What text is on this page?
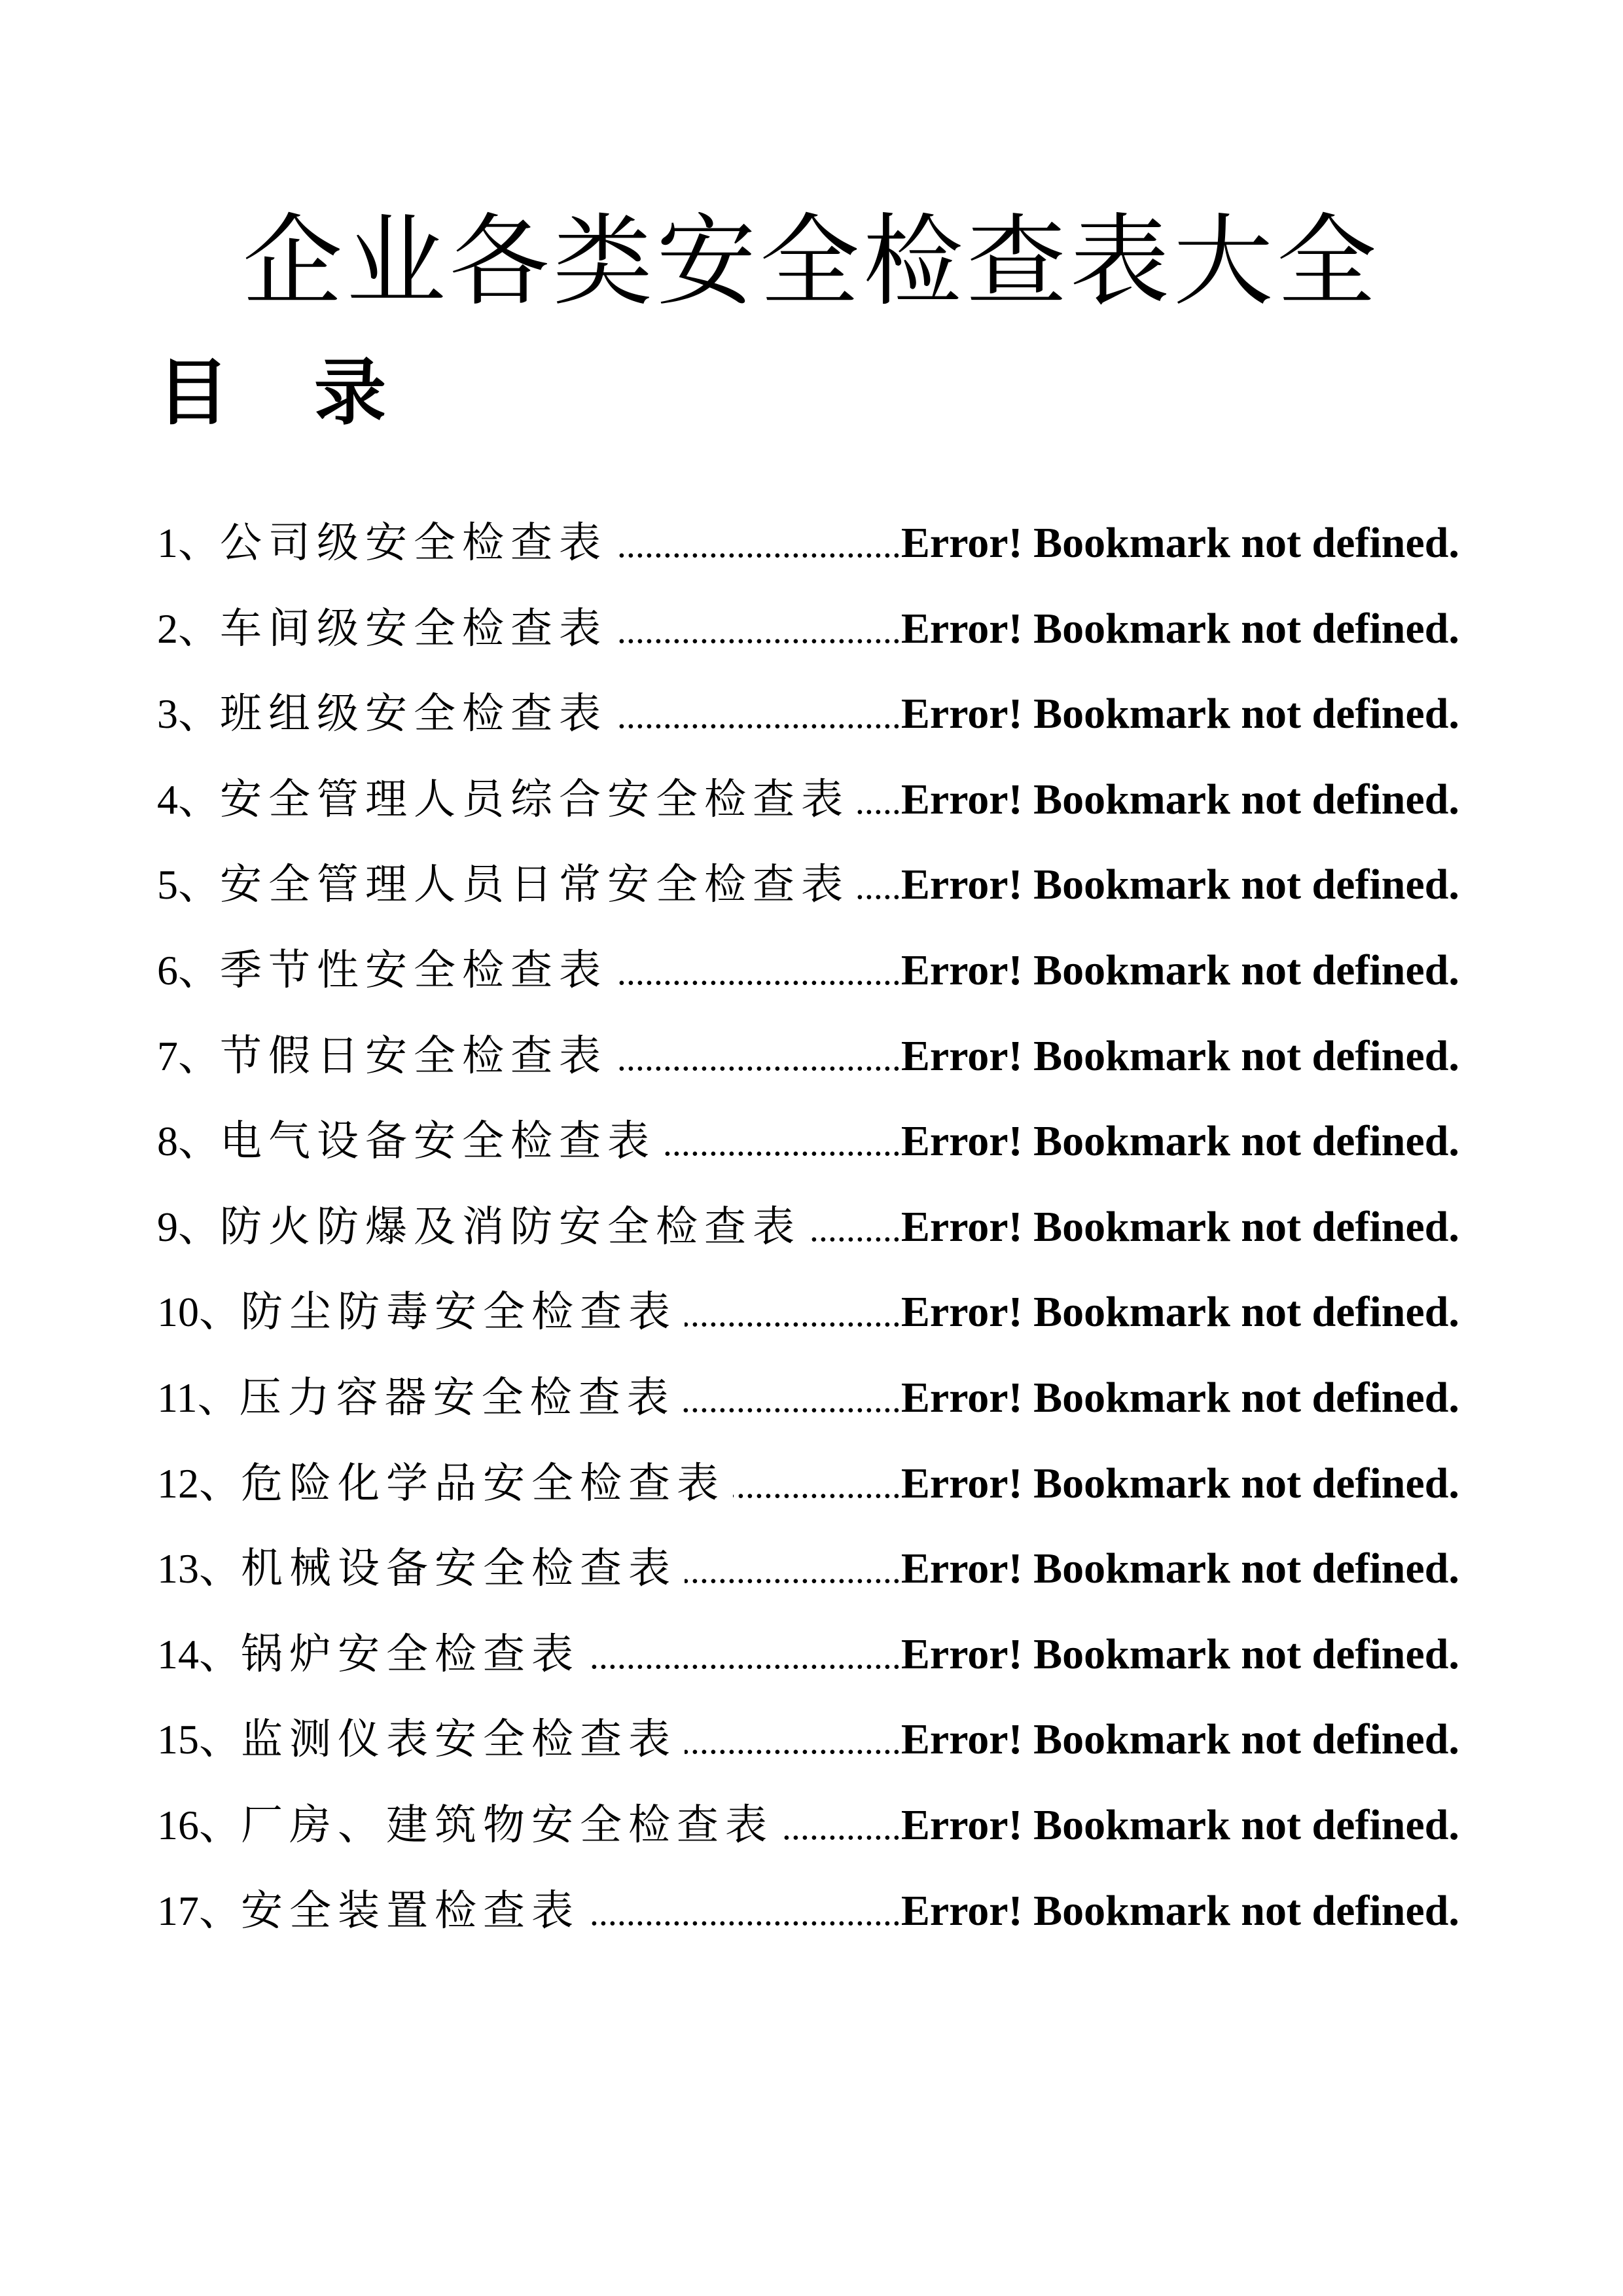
企业各类安全检查表大全
目录
1 、 公司级安全检查表 .....	Error! Bookmark not defined.
2 、 车间级安全检查表 .....	Error! Bookmark not defined.
3 、 班组级安全检查表 .....	Error! Bookmark not defined.
4 、 安全管理人员综合安全检查表 ..... Error! Bookmark not defined.
5 、 安全管理人员日常安全检查表 ..... Error! Bookmark not defined.
6 、 季节性安全检查表 .....	Error! Bookmark not defined.
7 、 节假日安全检查表 .....	Error! Bookmark not defined.
8 、 电气设备安全检查表 .....	Error! Bookmark not defined.
9 、 防火防爆及消防安全检查表 ..... Error! Bookmark not defined.
10 、 防尘防毒安全检查表 .....	Error! Bookmark not defined.
11 、 压力容器安全检查表 .....	Error! Bookmark not defined.
12 、 危险化学品安全检查表 .....	Error! Bookmark not defined.
13 、 机械设备安全检查表 .....	Error! Bookmark not defined.
14 、 锅炉安全检查表 .....	Error! Bookmark not defined.
15 、 监测仪表安全检查表 .....	Error! Bookmark not defined.
16 、 厂房、建筑物安全检查表 .....	Error! Bookmark not defined.
17 、 安全装置检查表 .....	Error! Bookmark not defined.
